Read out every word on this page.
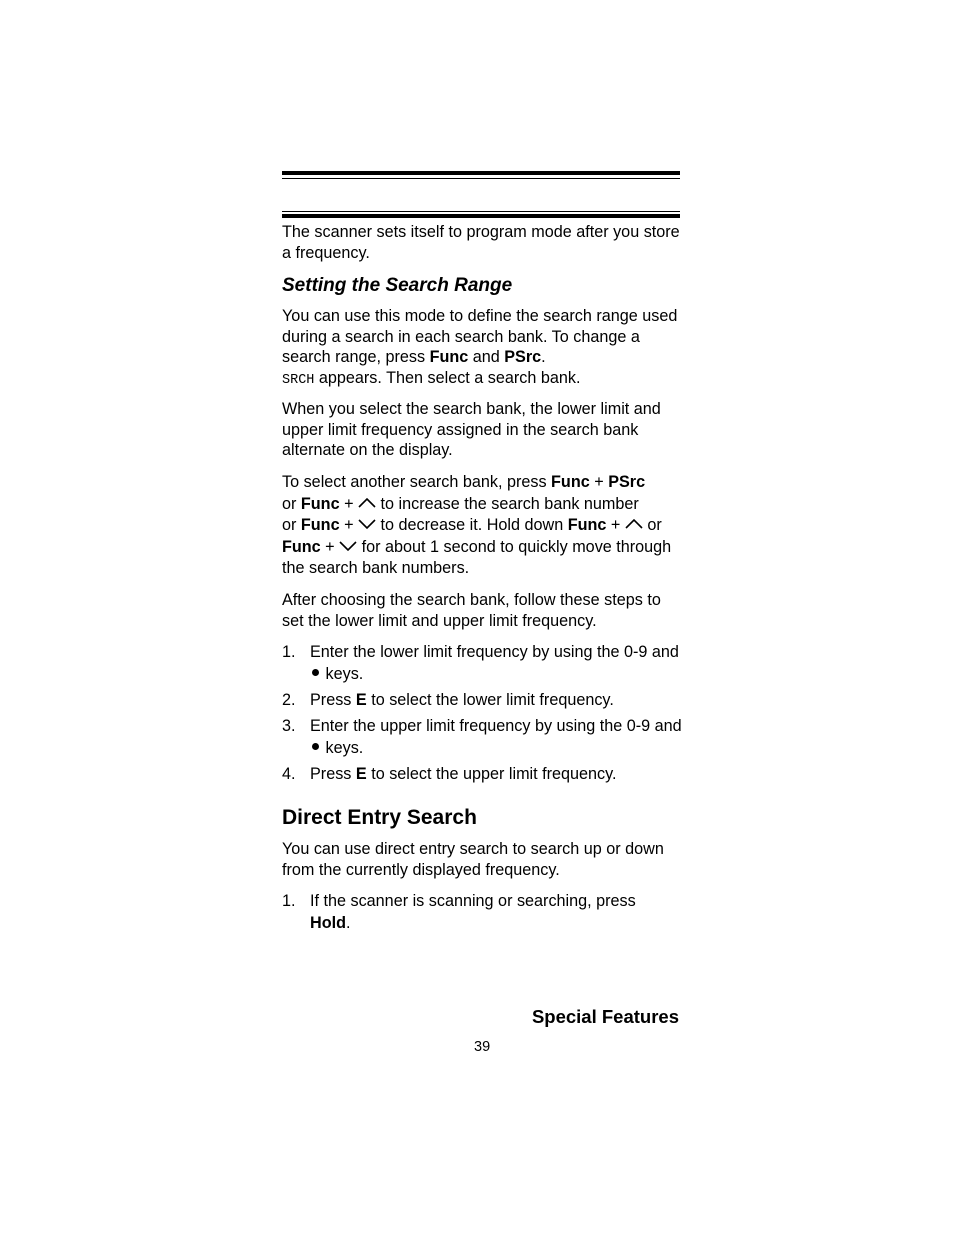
The scanner sets itself to program mode after you store a frequency.

Setting the Search Range

You can use this mode to define the search range used during a search in each search bank. To change a search range, press Func and PSrc.
SRCH appears. Then select a search bank.

When you select the search bank, the lower limit and upper limit frequency assigned in the search bank alternate on the display.

To select another search bank, press Func + PSrc
or Func +
to increase the search bank number
or Func +
to decrease it. Hold down Func + or
Func +
for about 1 second to quickly move through the search bank numbers.

After choosing the search bank, follow these steps to set the lower limit and upper limit frequency.

1. Enter the lower limit frequency by using the 0-9 and  keys.
2. Press E to select the lower limit frequency.
3. Enter the upper limit frequency by using the 0-9 and  keys.
4. Press E to select the upper limit frequency.
Direct Entry Search

You can use direct entry search to search up or down from the currently displayed frequency.

1. If the scanner is scanning or searching, press Hold.
Special Features
39
